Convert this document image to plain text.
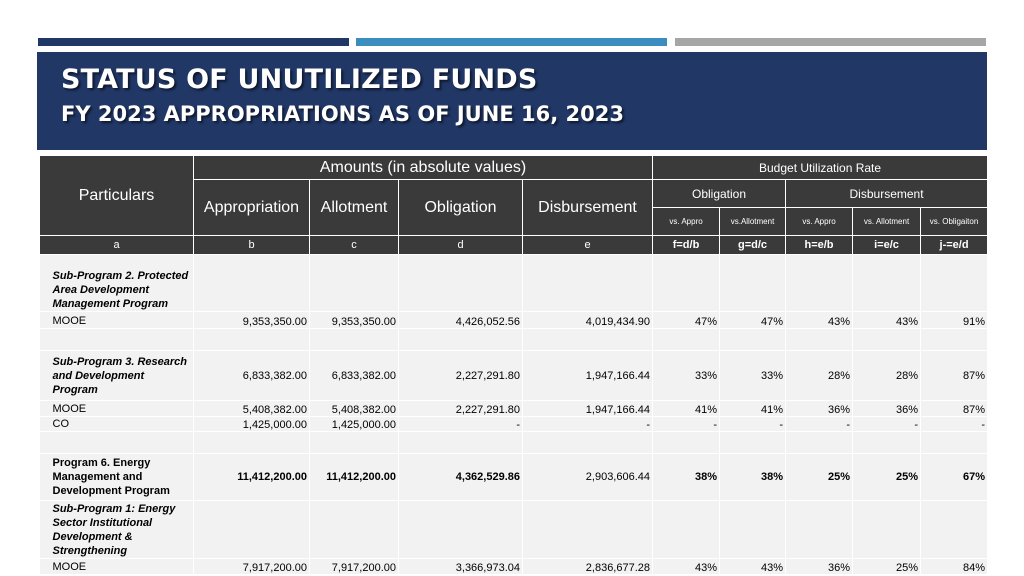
STATUS OF UNUTILIZED FUNDS
FY 2023 APPROPRIATIONS AS OF JUNE 16, 2023
Particulars	Amounts (in absolute values)				Budget Utilization Rate				
	Appropriation	Allotment	Obligation	Disbursement	Obligation		Disbursement		
					vs. Appro	vs.Allotment	vs. Appro	vs. Allotment	vs. Obligaiton
a	b	c	d	e	f=d/b	g=d/c	h=e/b	i=e/c	j-=e/d
Sub-Program 2. Protected Area Development Management Program									
MOOE	9,353,350.00	9,353,350.00	4,426,052.56	4,019,434.90	47%	47%	43%	43%	91%

Sub-Program 3. Research and Development Program	6,833,382.00	6,833,382.00	2,227,291.80	1,947,166.44	33%	33%	28%	28%	87%
MOOE	5,408,382.00	5,408,382.00	2,227,291.80	1,947,166.44	41%	41%	36%	36%	87%
CO	1,425,000.00	1,425,000.00	-	-	-	-	-	-	-

Program 6. Energy Management and Development Program	11,412,200.00	11,412,200.00	4,362,529.86	2,903,606.44	38%	38%	25%	25%	67%
Sub-Program 1: Energy Sector Institutional Development & Strengthening									
MOOE	7,917,200.00	7,917,200.00	3,366,973.04	2,836,677.28	43%	43%	36%	25%	84%
